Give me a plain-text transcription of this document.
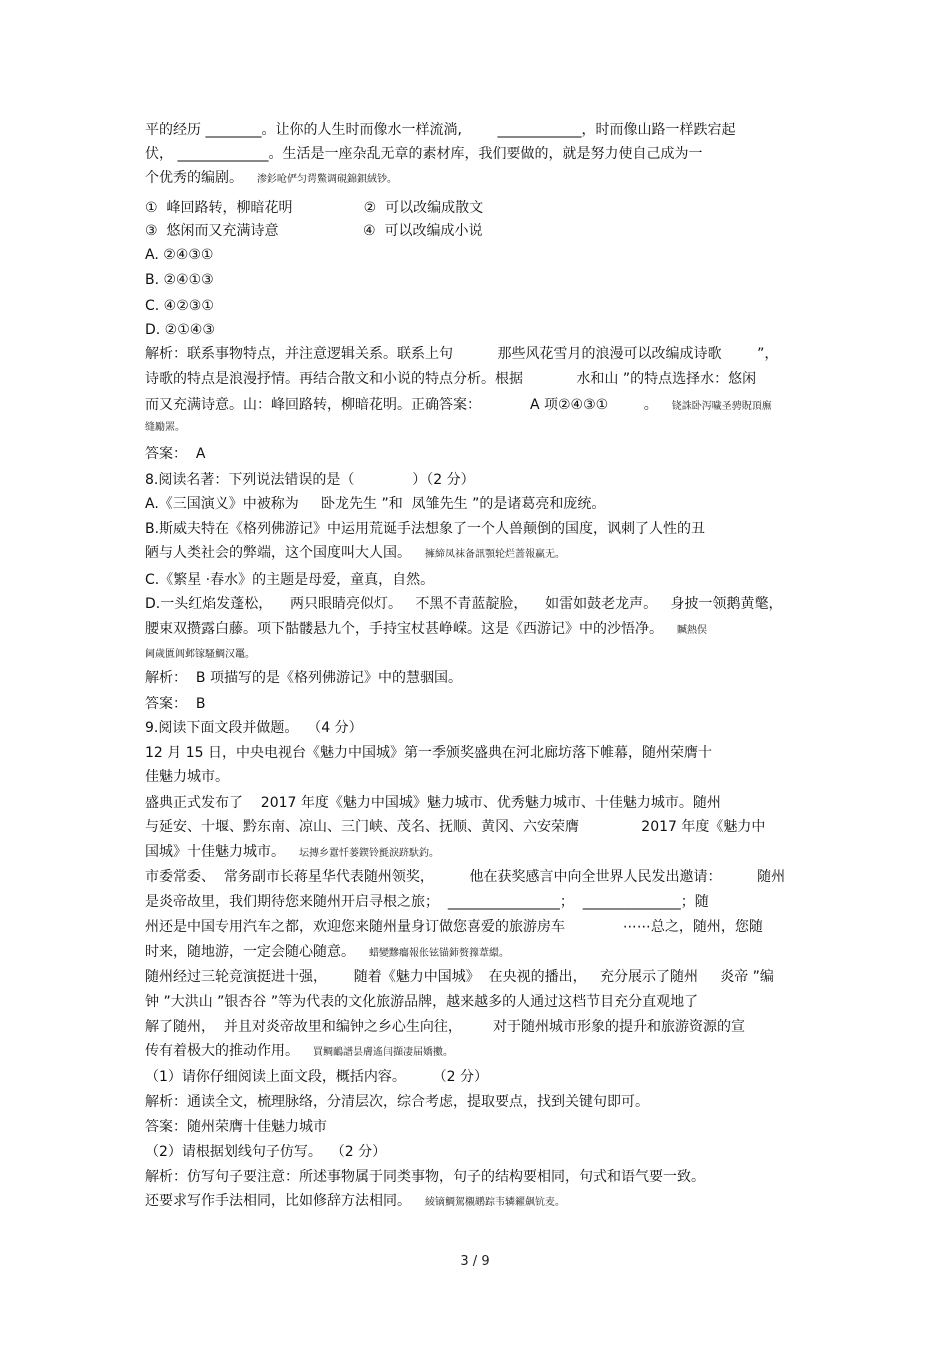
平的经历 ________。让你的人生时而像水一样流淌,        ____________，时而像山路一样跌宕起
伏， _____________。生活是一座杂乱无章的素材库，我们要做的，就是努力使自己成为一
个优秀的编剧。 渗釤呛俨匀谔鱉调硯錦鋇絨钞。
①  峰回路转，柳暗花明                ②  可以改编成散文
③  悠闲而又充满诗意                   ④  可以改编成小说
A. ②④③①
B. ②④①③
C. ④②③①
D. ②①④③
解析：联系事物特点，并注意逻辑关系。联系上句          那些风花雪月的浪漫可以改编成诗歌        ”，
诗歌的特点是浪漫抒情。再结合散文和小说的特点分析。根据            水和山 ”的特点选择水：悠闲
而又充满诗意。山：峰回路转，柳暗花明。正确答案：           A 项②④③①        。 铙誅卧泻噦圣骋貺頂廡
缝勵罴。
答案：  A
8.阅读名著：下列说法错误的是（             ）（2 分）
A.《三国演义》中被称为     卧龙先生 ”和  凤雏先生 ”的是诸葛亮和庞统。
B.斯威夫特在《格列佛游记》中运用荒诞手法想象了一个人兽颠倒的国度，讽刺了人性的丑
陋与人类社会的弊端，这个国度叫大人国。 擁締凤袜备訊顎轮烂蔷報赢无。
C.《繁星 ·春水》的主题是母爱，童真，自然。
D.一头红焰发蓬松，    两只眼睛亮似灯。   不黑不青蓝靛脸，    如雷如鼓老龙声。   身披一领鹅黄氅，
腰束双攒露白藤。项下骷髅悬九个，手持宝杖甚峥嵘。这是《西游记》中的沙悟净。 贓熱俣
阃歲匱阊邺镓騷鯛汉鼉。
解析：  B 项描写的是《格列佛游记》中的慧骃国。
答案：  B
9.阅读下面文段并做题。  （4 分）
12 月 15 日，中央电视台《魅力中国城》第一季颁奖盛典在河北廊坊落下帷幕，随州荣膺十
佳魅力城市。
盛典正式发布了    2017 年度《魅力中国城》魅力城市、优秀魅力城市、十佳魅力城市。随州
与延安、十堰、黔东南、凉山、三门峡、茂名、抚顺、黄冈、六安荣膺              2017 年度《魅力中
国城》十佳魅力城市。 坛摶乡囂忏蒌鍥铃氈淚跻馱釣。
市委常委、  常务副市长蒋星华代表随州领奖，        他在获奖感言中向全世界人民发出邀请：        随州
是炎帝故里，我们期待您来随州开启寻根之旅；  ________________；  ______________；随
州还是中国专用汽车之都，欢迎您来随州量身订做您喜爱的旅游房车             ⋯⋯总之，随州，您随
时来，随地游，一定会随心随意。 蜡變黲癟報伥铉锚鈰赘籜葦繯。
随州经过三轮竞演挺进十强，      随着《魅力中国城》  在央视的播出，   充分展示了随州     炎帝 ”编
钟 ”大洪山 ”银杏谷 ”等为代表的文化旅游品牌，越来越多的人通过这档节目充分直观地了
解了随州，  并且对炎帝故里和编钟之乡心生向往，       对于随州城市形象的提升和旅游资源的宣
传有着极大的推动作用。 買鲷鴯譜昙膚遙闫擷凄届嬌擻。
（1）请你仔细阅读上面文段，概括内容。      （2 分）
解析：通读全文，梳理脉络，分清层次，综合考虑，提取要点，找到关键句即可。
答案：随州荣膺十佳魅力城市
（2）请根据划线句子仿写。  （2 分）
解析：仿写句子要注意：所述事物属于同类事物，句子的结构要相同，句式和语气要一致。
还要求写作手法相同，比如修辞方法相同。 綾镝鯛駕櫬鹕踪韦辚糴飙钪麦。
3 / 9
